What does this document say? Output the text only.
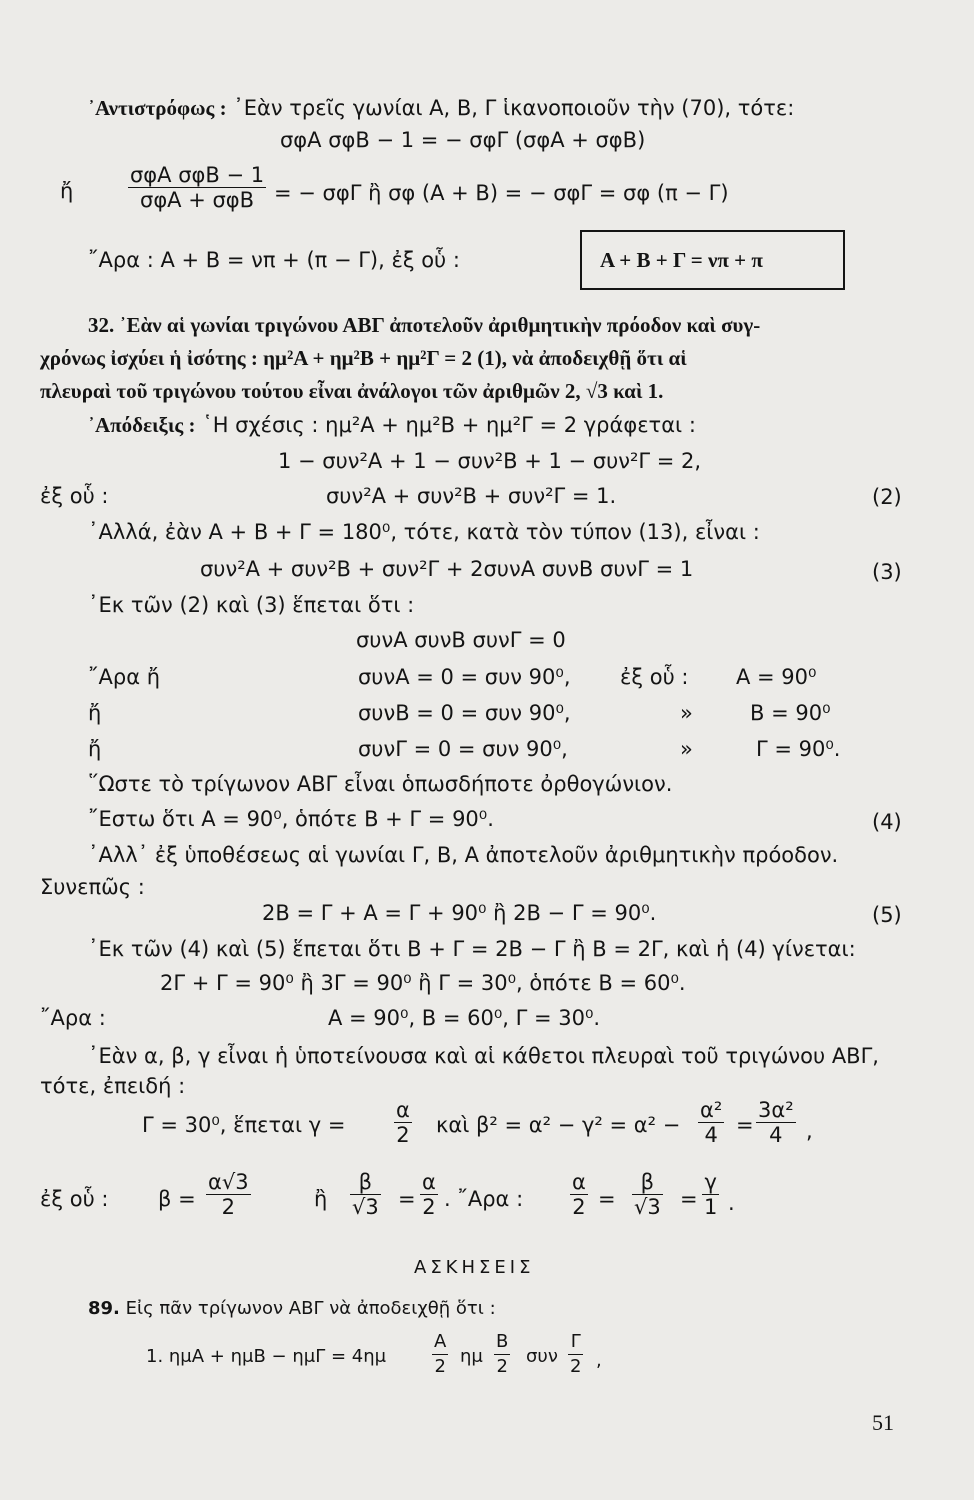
᾿Αντιστρόφως : ᾿Εὰν τρεῖς γωνίαι Α, Β, Γ ἱκανοποιοῦν τὴν (70), τότε:
σφΑ σφΒ − 1 = − σφΓ (σφΑ + σφΒ)
ἤ
σφΑ σφΒ − 1
σφΑ + σφΒ = − σφΓ ἢ σφ (Α + Β) = − σφΓ = σφ (π − Γ)
῎Αρα : Α + Β = νπ + (π − Γ), ἐξ οὗ :	Α + Β + Γ = νπ + π
32. ᾿Εὰν αἱ γωνίαι τριγώνου ΑΒΓ ἀποτελοῦν ἀριθμητικὴν πρόοδον καὶ συγ-
χρόνως ἰσχύει ἡ ἰσότης : ημ²Α + ημ²Β + ημ²Γ = 2 (1), νὰ ἀποδειχθῇ ὅτι αἱ
πλευραὶ τοῦ τριγώνου τούτου εἶναι ἀνάλογοι τῶν ἀριθμῶν 2, √3 καὶ 1.
᾿Απόδειξις : ῾Η σχέσις : ημ²Α + ημ²Β + ημ²Γ = 2 γράφεται :
1 − συν²Α + 1 − συν²Β + 1 − συν²Γ = 2,
ἐξ οὗ :	συν²Α + συν²Β + συν²Γ = 1.	(2)
᾿Αλλά, ἐὰν Α + Β + Γ = 180⁰, τότε, κατὰ τὸν τύπον (13), εἶναι :
συν²Α + συν²Β + συν²Γ + 2συνΑ συνΒ συνΓ = 1	(3)
᾿Εκ τῶν (2) καὶ (3) ἕπεται ὅτι :
συνΑ συνΒ συνΓ = 0
῎Αρα ἤ	συνΑ = 0 = συν 90⁰, ἐξ οὗ : Α = 90⁰
ἤ	συνΒ = 0 = συν 90⁰,	»	Β = 90⁰
ἤ	συνΓ = 0 = συν 90⁰,	»	Γ = 90⁰.
῞Ωστε τὸ τρίγωνον ΑΒΓ εἶναι ὁπωσδήποτε ὀρθογώνιον.
῎Εστω ὅτι Α = 90⁰, ὁπότε Β + Γ = 90⁰.	(4)
᾿Αλλ᾿ ἐξ ὑποθέσεως αἱ γωνίαι Γ, Β, Α ἀποτελοῦν ἀριθμητικὴν πρόοδον.
Συνεπῶς :
2Β = Γ + Α = Γ + 90⁰ ἢ 2Β − Γ = 90⁰.	(5)
᾿Εκ τῶν (4) καὶ (5) ἕπεται ὅτι Β + Γ = 2Β − Γ ἢ Β = 2Γ, καὶ ἡ (4) γίνεται:
2Γ + Γ = 90⁰ ἢ 3Γ = 90⁰ ἢ Γ = 30⁰, ὁπότε Β = 60⁰.
῎Αρα :	Α = 90⁰, Β = 60⁰, Γ = 30⁰.
᾿Εὰν α, β, γ εἶναι ἡ ὑποτείνουσα καὶ αἱ κάθετοι πλευραὶ τοῦ τριγώνου ΑΒΓ,
τότε, ἐπειδή :
Γ = 30⁰, ἕπεται $\gamma = \frac{\alpha}{2}$ καὶ $\beta^2 = \alpha^2 - \gamma^2 = \alpha^2 - \frac{\text{α²}}{4} = \frac{\text{3α²}}{4}$ ,
ἐξ οὗ : $\beta = \frac{\alpha√3}{2}$	ἢ $\frac{\beta}{√3} = \frac{\alpha}{2}$ . ῎Αρα : $\frac{\alpha}{2} = \frac{\beta}{√3} = \frac{\gamma}{1}$ .
ΑΣΚΗΣΕΙΣ
89. Εἰς πᾶν τρίγωνον ΑΒΓ νὰ ἀποδειχθῇ ὅτι :
1. ημΑ + ημΒ − ημΓ = 4ημ	$\frac{A}{2}$ ημ $\frac{B}{2}$ συν $\frac{\Gamma}{2}$ ,
51
